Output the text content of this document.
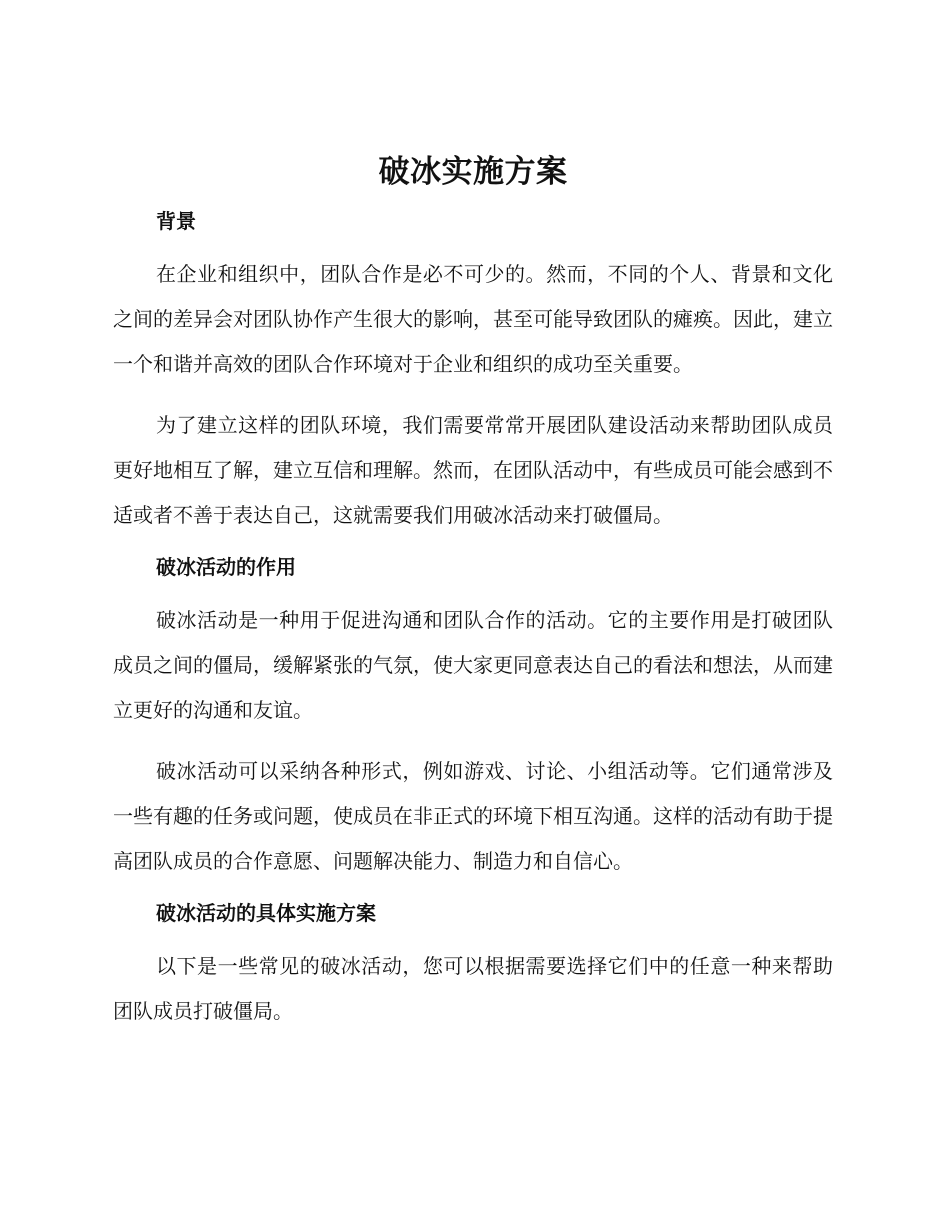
破冰实施方案
背景

在企业和组织中，团队合作是必不可少的。然而，不同的个人、背景和文化之间的差异会对团队协作产生很大的影响，甚至可能导致团队的瘫痪。因此，建立一个和谐并高效的团队合作环境对于企业和组织的成功至关重要。

为了建立这样的团队环境，我们需要常常开展团队建设活动来帮助团队成员更好地相互了解，建立互信和理解。然而，在团队活动中，有些成员可能会感到不适或者不善于表达自己，这就需要我们用破冰活动来打破僵局。

破冰活动的作用

破冰活动是一种用于促进沟通和团队合作的活动。它的主要作用是打破团队成员之间的僵局，缓解紧张的气氛，使大家更同意表达自己的看法和想法，从而建立更好的沟通和友谊。

破冰活动可以采纳各种形式，例如游戏、讨论、小组活动等。它们通常涉及一些有趣的任务或问题，使成员在非正式的环境下相互沟通。这样的活动有助于提高团队成员的合作意愿、问题解决能力、制造力和自信心。

破冰活动的具体实施方案

以下是一些常见的破冰活动，您可以根据需要选择它们中的任意一种来帮助团队成员打破僵局。
